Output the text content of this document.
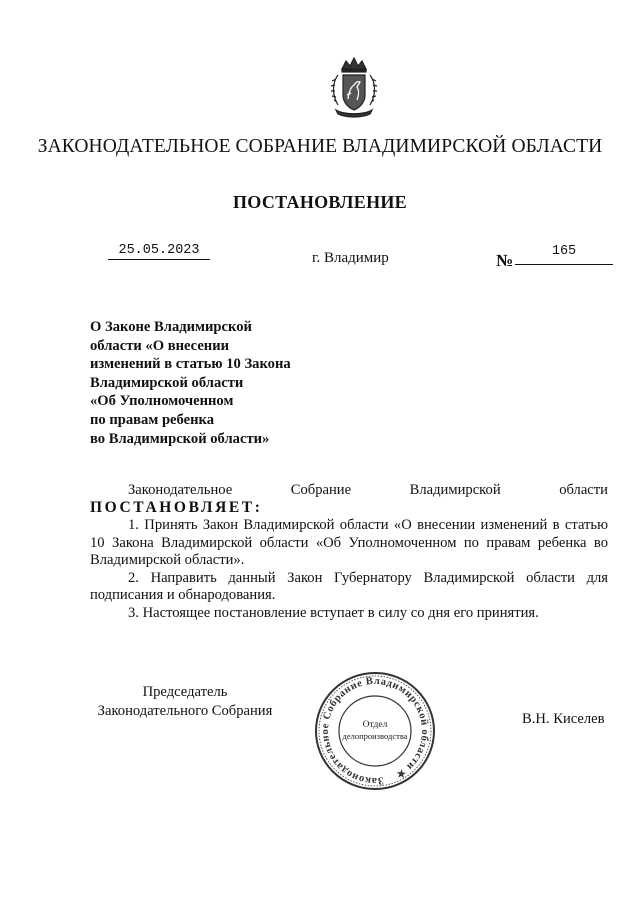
ЗАКОНОДАТЕЛЬНОЕ СОБРАНИЕ ВЛАДИМИРСКОЙ ОБЛАСТИ
ПОСТАНОВЛЕНИЕ
25.05.2023	г. Владимир	№	165
О Законе Владимирской
области «О внесении
изменений в статью 10 Закона
Владимирской области
«Об Уполномоченном
по правам ребенка
во Владимирской области»
Законодательное	Собрание	Владимирской	области
ПОСТАНОВЛЯЕТ:

1. Принять Закон Владимирской области «О внесении изменений в статью 10 Закона Владимирской области «Об Уполномоченном по правам ребенка во Владимирской области».

2. Направить данный Закон Губернатору Владимирской области для подписания и обнародования.

3. Настоящее постановление вступает в силу со дня его принятия.

Председатель
Законодательного Собрания	В.Н. Киселев
Законодательное Собрание Владимирской области ★
Отдел
делопроизводства
